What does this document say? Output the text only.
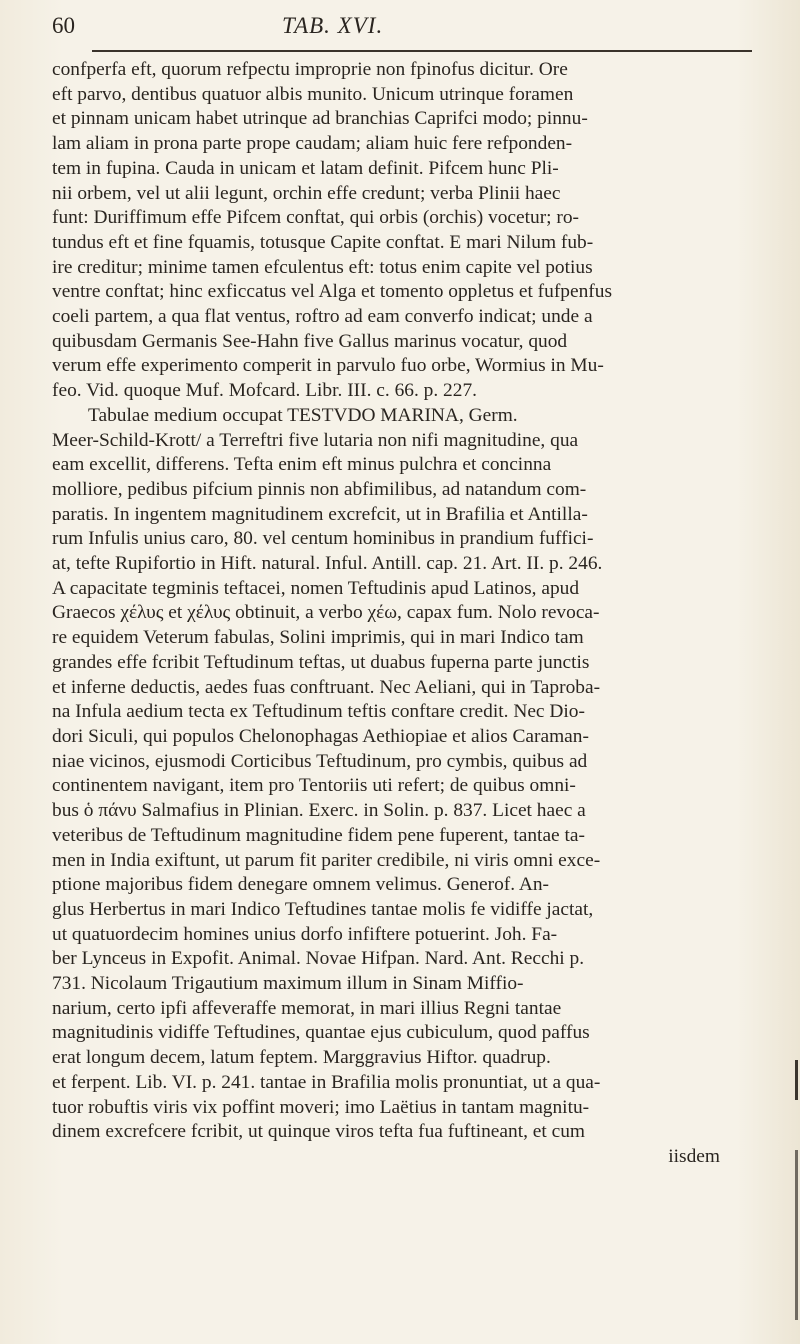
60	TAB. XVI.
confperfa eft, quorum refpectu improprie non fpinofus dicitur. Ore
eft parvo, dentibus quatuor albis munito. Unicum utrinque foramen
et pinnam unicam habet utrinque ad branchias Caprifci modo; pinnu-
lam aliam in prona parte prope caudam; aliam huic fere refponden-
tem in fupina. Cauda in unicam et latam definit. Pifcem hunc Pli-
nii orbem, vel ut alii legunt, orchin effe credunt; verba Plinii haec
funt: Duriffimum effe Pifcem conftat, qui orbis (orchis) vocetur; ro-
tundus eft et fine fquamis, totusque Capite conftat. E mari Nilum fub-
ire creditur; minime tamen efculentus eft: totus enim capite vel potius
ventre conftat; hinc exficcatus vel Alga et tomento oppletus et fufpenfus
coeli partem, a qua flat ventus, roftro ad eam converfo indicat; unde a
quibusdam Germanis See-Hahn five Gallus marinus vocatur, quod
verum effe experimento comperit in parvulo fuo orbe, Wormius in Mu-
feo. Vid. quoque Muf. Mofcard. Libr. III. c. 66. p. 227.
Tabulae medium occupat TESTVDO MARINA, Germ.
Meer-Schild-Krott/ a Terreftri five lutaria non nifi magnitudine, qua
eam excellit, differens. Tefta enim eft minus pulchra et concinna
molliore, pedibus pifcium pinnis non abfimilibus, ad natandum com-
paratis. In ingentem magnitudinem excrefcit, ut in Brafilia et Antilla-
rum Infulis unius caro, 80. vel centum hominibus in prandium fuffici-
at, tefte Rupifortio in Hift. natural. Inful. Antill. cap. 21. Art. II. p. 246.
A capacitate tegminis teftacei, nomen Teftudinis apud Latinos, apud
Graecos χέλυς et χέλυς obtinuit, a verbo χέω, capax fum. Nolo revoca-
re equidem Veterum fabulas, Solini imprimis, qui in mari Indico tam
grandes effe fcribit Teftudinum teftas, ut duabus fuperna parte junctis
et inferne deductis, aedes fuas conftruant. Nec Aeliani, qui in Taproba-
na Infula aedium tecta ex Teftudinum teftis conftare credit. Nec Dio-
dori Siculi, qui populos Chelonophagas Aethiopiae et alios Caraman-
niae vicinos, ejusmodi Corticibus Teftudinum, pro cymbis, quibus ad
continentem navigant, item pro Tentoriis uti refert; de quibus omni-
bus ὁ πάνυ Salmafius in Plinian. Exerc. in Solin. p. 837. Licet haec a
veteribus de Teftudinum magnitudine fidem pene fuperent, tantae ta-
men in India exiftunt, ut parum fit pariter credibile, ni viris omni exce-
ptione majoribus fidem denegare omnem velimus. Generof. An-
glus Herbertus in mari Indico Teftudines tantae molis fe vidiffe jactat,
ut quatuordecim homines unius dorfo infiftere potuerint. Joh. Fa-
ber Lynceus in Expofit. Animal. Novae Hifpan. Nard. Ant. Recchi p.
731. Nicolaum Trigautium maximum illum in Sinam Miffio-
narium, certo ipfi affeveraffe memorat, in mari illius Regni tantae
magnitudinis vidiffe Teftudines, quantae ejus cubiculum, quod paffus
erat longum decem, latum feptem. Marggravius Hiftor. quadrup.
et ferpent. Lib. VI. p. 241. tantae in Brafilia molis pronuntiat, ut a qua-
tuor robuftis viris vix poffint moveri; imo Laëtius in tantam magnitu-
dinem excrefcere fcribit, ut quinque viros tefta fua fuftineant, et cum
iisdem
